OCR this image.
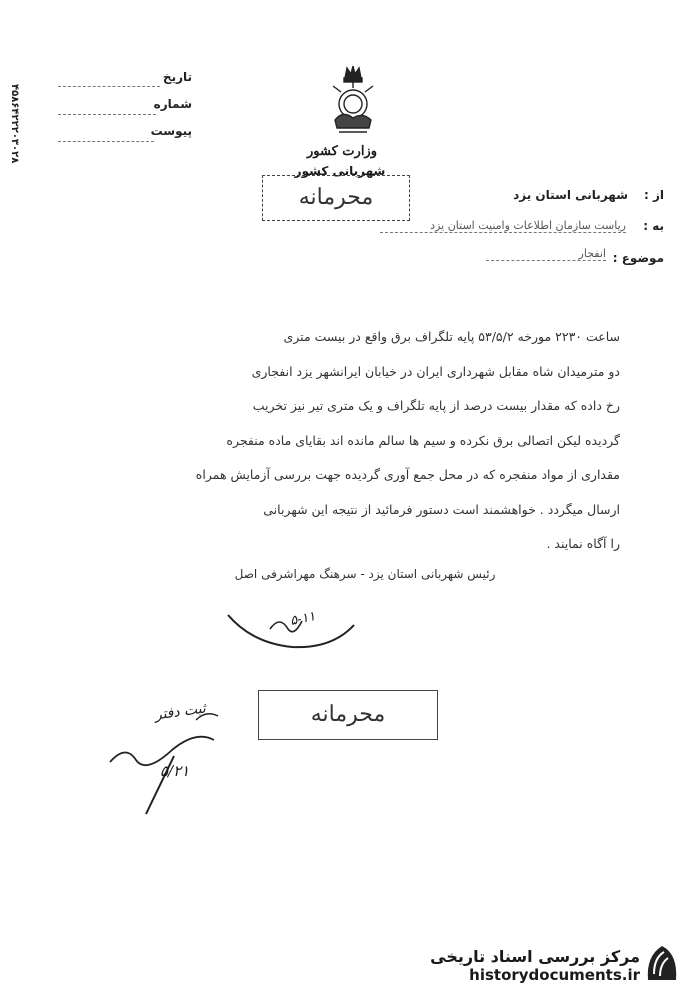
۴۵۸۶۴۲۲۲۰۳۰۲۸
تاریخ
شماره
پیوست
وزارت کشور
شهربانی کشور
محرمانه	از :
شهربانی استان یزد
به :
ریاست سازمان اطلاعات وامنیت استان یزد
موضوع :
انفجار
ساعت ۲۲۳۰ مورخه ۵۳/۵/۲ پایه تلگراف برق واقع در بیست متری
دو مترمیدان شاه مقابل شهرداری ایران در خیابان ایرانشهر یزد انفجاری
رخ داده که مقدار بیست درصد از پایه تلگراف و یک متری تیر نیز تخریب
گردیده لیکن اتصالی برق نکرده و سیم ها سالم مانده اند بقایای ماده منفجره
مقداری از مواد منفجره که در محل جمع آوری گردیده جهت بررسی آزمایش همراه
ارسال میگردد . خواهشمند است دستور فرمائید از نتیجه این شهربانی
را آگاه نمایند .
رئیس شهربانی استان یزد - سرهنگ مهراشرفی اصل
۵-۱۱
ثبت دفتر
۵/۲۱
محرمانه
مرکز بررسی اسناد تاریخی
historydocuments.ir
